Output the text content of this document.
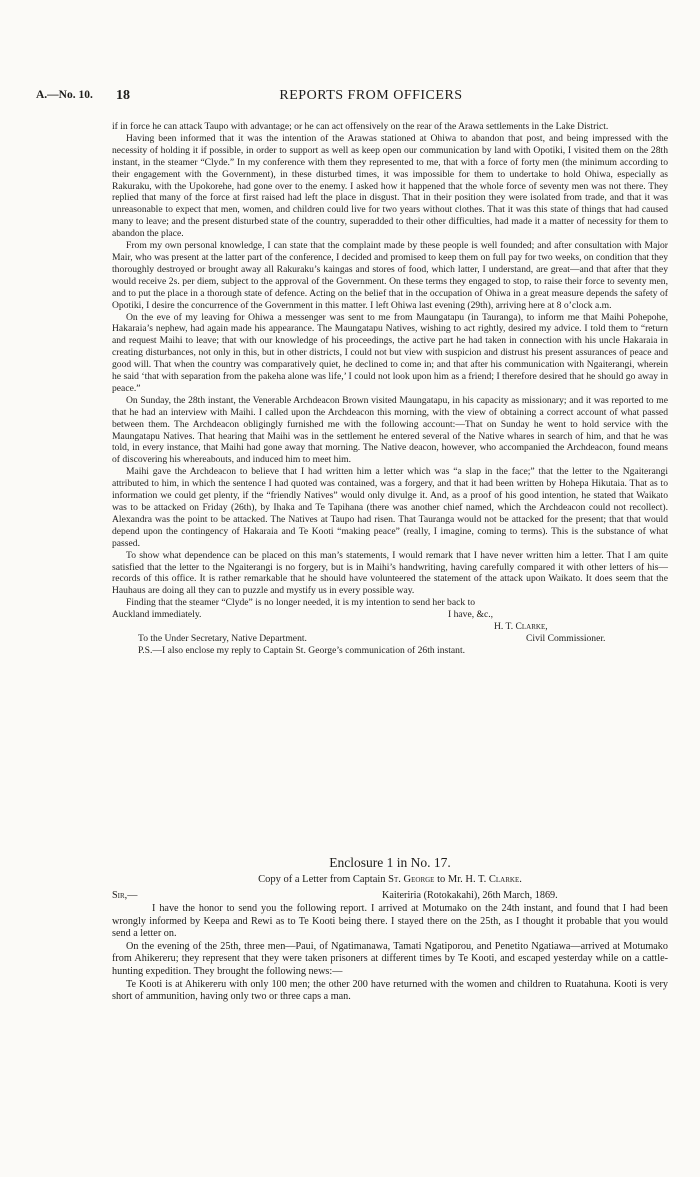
A.—No. 10. 18	REPORTS FROM OFFICERS

if in force he can attack Taupo with advantage; or he can act offensively on the rear of the Arawa settlements in the Lake District.

Having been informed that it was the intention of the Arawas stationed at Ohiwa to abandon that post, and being impressed with the necessity of holding it if possible, in order to support as well as keep open our communication by land with Opotiki, I visited them on the 28th instant, in the steamer “Clyde.” In my conference with them they represented to me, that with a force of forty men (the minimum according to their engagement with the Government), in these disturbed times, it was impossible for them to undertake to hold Ohiwa, especially as Rakuraku, with the Upokorehe, had gone over to the enemy. I asked how it happened that the whole force of seventy men was not there. They replied that many of the force at first raised had left the place in disgust. That in their position they were isolated from trade, and that it was unreasonable to expect that men, women, and children could live for two years without clothes. That it was this state of things that had caused many to leave; and the present disturbed state of the country, superadded to their other difficulties, had made it a matter of necessity for them to abandon the place.

From my own personal knowledge, I can state that the complaint made by these people is well founded; and after consultation with Major Mair, who was present at the latter part of the conference, I decided and promised to keep them on full pay for two weeks, on condition that they thoroughly destroyed or brought away all Rakuraku’s kaingas and stores of food, which latter, I understand, are great—and that after that they would receive 2s. per diem, subject to the approval of the Government. On these terms they engaged to stop, to raise their force to seventy men, and to put the place in a thorough state of defence. Acting on the belief that in the occupation of Ohiwa in a great measure depends the safety of Opotiki, I desire the concurrence of the Government in this matter. I left Ohiwa last evening (29th), arriving here at 8 o’clock a.m.

On the eve of my leaving for Ohiwa a messenger was sent to me from Maungatapu (in Tauranga), to inform me that Maihi Pohepohe, Hakaraia’s nephew, had again made his appearance. The Maungatapu Natives, wishing to act rightly, desired my advice. I told them to “return and request Maihi to leave; that with our knowledge of his proceedings, the active part he had taken in connection with his uncle Hakaraia in creating disturbances, not only in this, but in other districts, I could not but view with suspicion and distrust his present assurances of peace and good will. That when the country was comparatively quiet, he declined to come in; and that after his communication with Ngaiterangi, wherein he said ‘that with separation from the pakeha alone was life,’ I could not look upon him as a friend; I therefore desired that he should go away in peace.”

On Sunday, the 28th instant, the Venerable Archdeacon Brown visited Maungatapu, in his capacity as missionary; and it was reported to me that he had an interview with Maihi. I called upon the Archdeacon this morning, with the view of obtaining a correct account of what passed between them. The Archdeacon obligingly furnished me with the following account:—That on Sunday he went to hold service with the Maungatapu Natives. That hearing that Maihi was in the settlement he entered several of the Native whares in search of him, and that he was told, in every instance, that Maihi had gone away that morning. The Native deacon, however, who accompanied the Archdeacon, found means of discovering his whereabouts, and induced him to meet him.

Maihi gave the Archdeacon to believe that I had written him a letter which was “a slap in the face;” that the letter to the Ngaiterangi attributed to him, in which the sentence I had quoted was contained, was a forgery, and that it had been written by Hohepa Hikutaia. That as to information we could get plenty, if the “friendly Natives” would only divulge it. And, as a proof of his good intention, he stated that Waikato was to be attacked on Friday (26th), by Ihaka and Te Tapihana (there was another chief named, which the Archdeacon could not recollect). Alexandra was the point to be attacked. The Natives at Taupo had risen. That Tauranga would not be attacked for the present; that that would depend upon the contingency of Hakaraia and Te Kooti “making peace” (really, I imagine, coming to terms). This is the substance of what passed.

To show what dependence can be placed on this man’s statements, I would remark that I have never written him a letter. That I am quite satisfied that the letter to the Ngaiterangi is no forgery, but is in Maihi’s handwriting, having carefully compared it with other letters of his—records of this office. It is rather remarkable that he should have volunteered the statement of the attack upon Waikato. It does seem that the Hauhaus are doing all they can to puzzle and mystify us in every possible way.

Finding that the steamer “Clyde” is no longer needed, it is my intention to send her back to

Auckland immediately.	I have, &c.,
H. T. Clarke,
To the Under Secretary, Native Department.	Civil Commissioner.
P.S.—I also enclose my reply to Captain St. George’s communication of 26th instant.
Enclosure 1 in No. 17.
Copy of a Letter from Captain St. George to Mr. H. T. Clarke.
Sir,—	Kaiteriria (Rotokakahi), 26th March, 1869.

I have the honor to send you the following report. I arrived at Motumako on the 24th instant, and found that I had been wrongly informed by Keepa and Rewi as to Te Kooti being there. I stayed there on the 25th, as I thought it probable that you would send a letter on.

On the evening of the 25th, three men—Paui, of Ngatimanawa, Tamati Ngatiporou, and Penetito Ngatiawa—arrived at Motumako from Ahikereru; they represent that they were taken prisoners at different times by Te Kooti, and escaped yesterday while on a cattle-hunting expedition. They brought the following news:—

Te Kooti is at Ahikereru with only 100 men; the other 200 have returned with the women and children to Ruatahuna. Kooti is very short of ammunition, having only two or three caps a man.
